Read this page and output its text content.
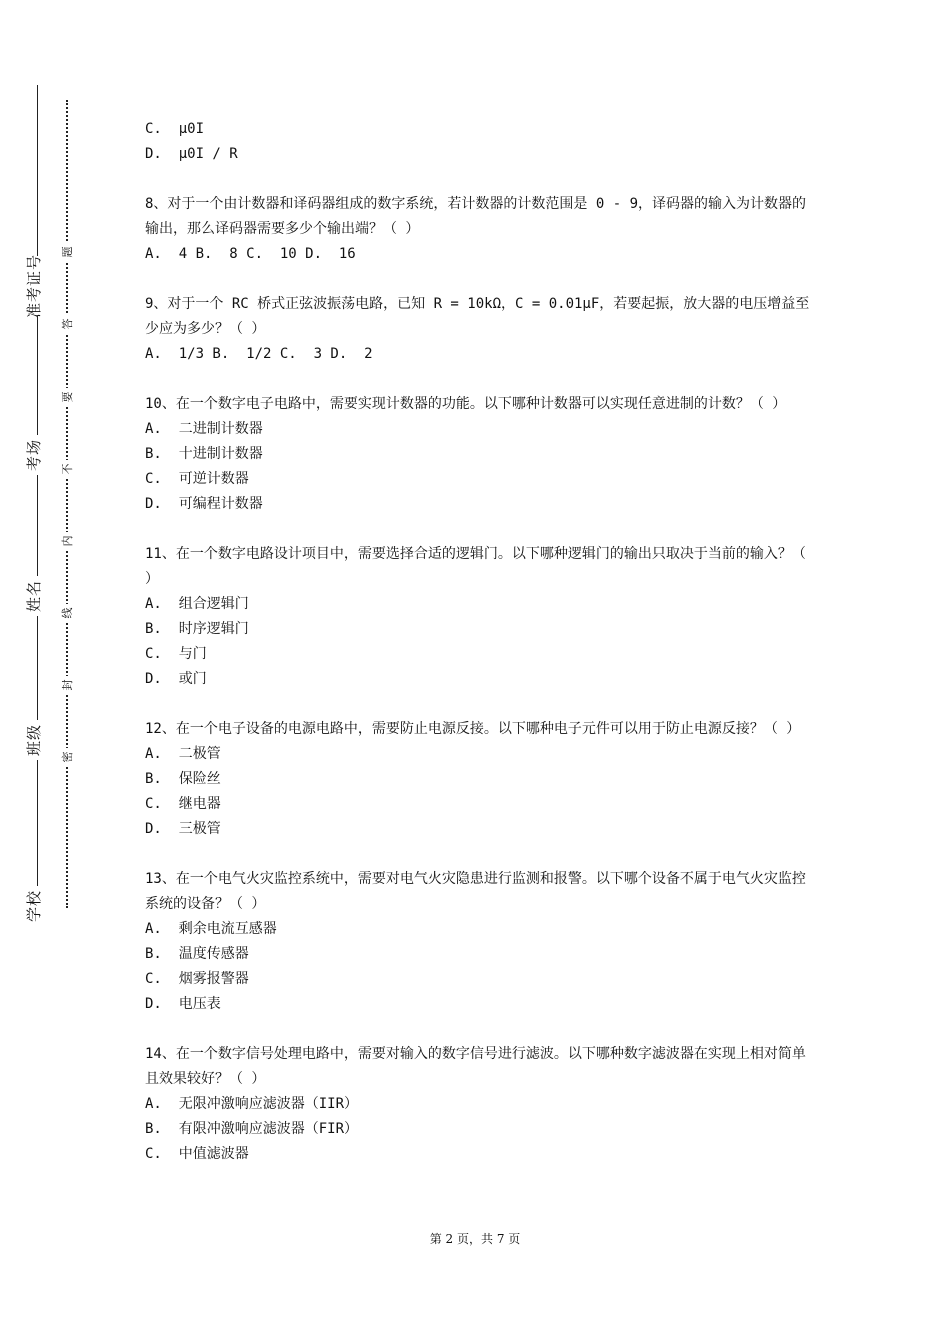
准考证号
考场
姓名
班级
学校
题
答
要
不
内
线
封
密
C.  μ0I
D.  μ0I / R
8、对于一个由计数器和译码器组成的数字系统，若计数器的计数范围是 0 - 9，译码器的输入为计数器的输出，那么译码器需要多少个输出端？（ ）
A.  4 B.  8 C.  10 D.  16
9、对于一个 RC 桥式正弦波振荡电路，已知 R = 10kΩ，C = 0.01μF，若要起振，放大器的电压增益至少应为多少？（ ）
A.  1/3 B.  1/2 C.  3 D.  2
10、在一个数字电子电路中，需要实现计数器的功能。以下哪种计数器可以实现任意进制的计数？（ ）
A.  二进制计数器
B.  十进制计数器
C.  可逆计数器
D.  可编程计数器
11、在一个数字电路设计项目中，需要选择合适的逻辑门。以下哪种逻辑门的输出只取决于当前的输入？（ ）
A.  组合逻辑门
B.  时序逻辑门
C.  与门
D.  或门
12、在一个电子设备的电源电路中，需要防止电源反接。以下哪种电子元件可以用于防止电源反接？（ ）
A.  二极管
B.  保险丝
C.  继电器
D.  三极管
13、在一个电气火灾监控系统中，需要对电气火灾隐患进行监测和报警。以下哪个设备不属于电气火灾监控系统的设备？（ ）
A.  剩余电流互感器
B.  温度传感器
C.  烟雾报警器
D.  电压表
14、在一个数字信号处理电路中，需要对输入的数字信号进行滤波。以下哪种数字滤波器在实现上相对简单且效果较好？（ ）
A.  无限冲激响应滤波器（IIR）
B.  有限冲激响应滤波器（FIR）
C.  中值滤波器
第 2 页，共 7 页
